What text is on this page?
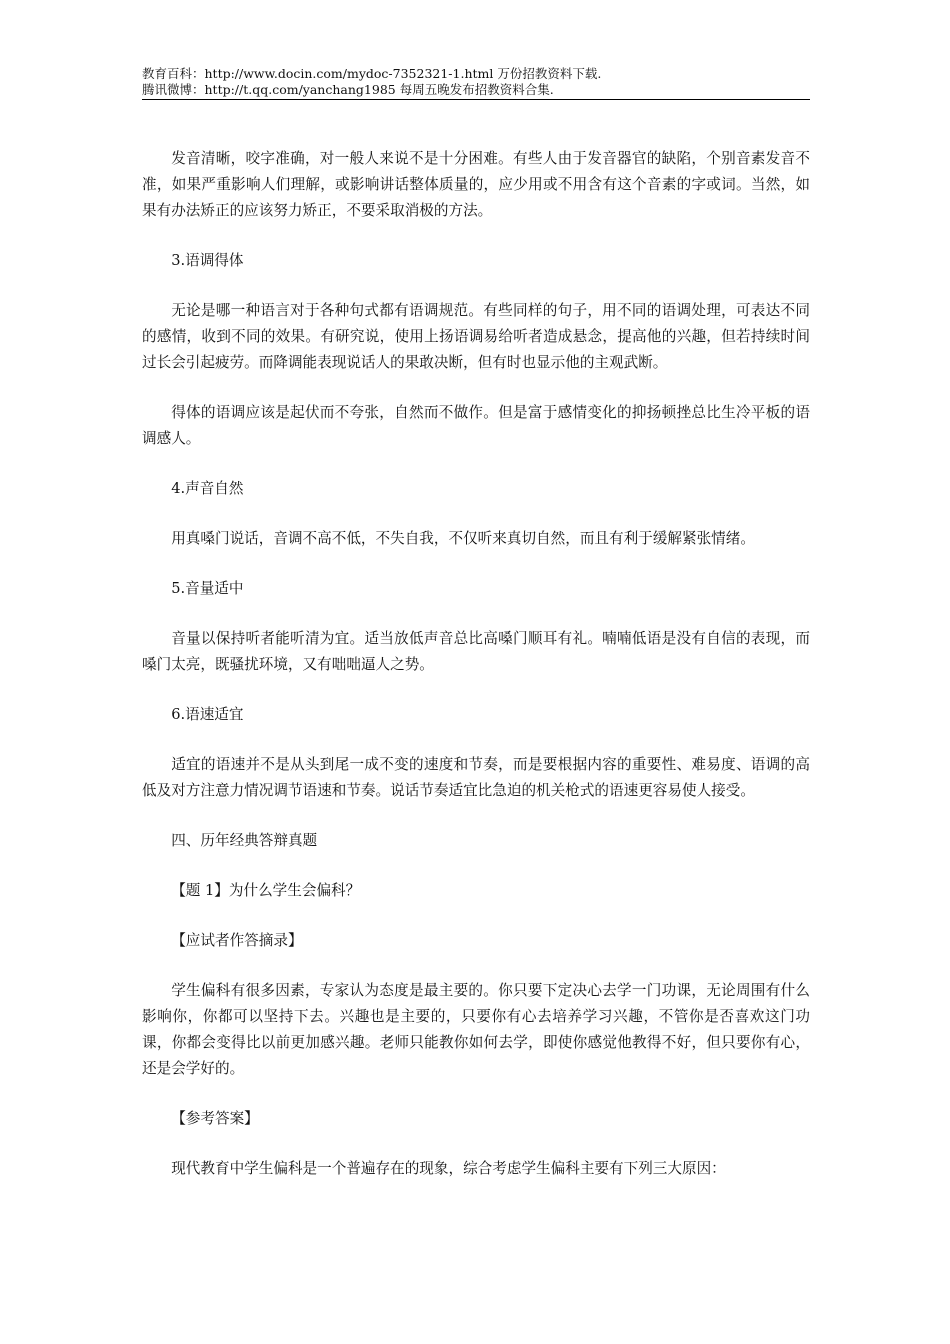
教育百科：http://www.docin.com/mydoc-7352321-1.html 万份招教资料下载.
腾讯微博：http://t.qq.com/yanchang1985 每周五晚发布招教资料合集.

发音清晰，咬字准确，对一般人来说不是十分困难。有些人由于发音器官的缺陷，个别音素发音不准，如果严重影响人们理解，或影响讲话整体质量的，应少用或不用含有这个音素的字或词。当然，如果有办法矫正的应该努力矫正，不要采取消极的方法。

3.语调得体

无论是哪一种语言对于各种句式都有语调规范。有些同样的句子，用不同的语调处理，可表达不同的感情，收到不同的效果。有研究说，使用上扬语调易给听者造成悬念，提高他的兴趣，但若持续时间过长会引起疲劳。而降调能表现说话人的果敢决断，但有时也显示他的主观武断。

得体的语调应该是起伏而不夸张，自然而不做作。但是富于感情变化的抑扬顿挫总比生冷平板的语调感人。

4.声音自然

用真嗓门说话，音调不高不低，不失自我，不仅听来真切自然，而且有利于缓解紧张情绪。

5.音量适中

音量以保持听者能听清为宜。适当放低声音总比高嗓门顺耳有礼。喃喃低语是没有自信的表现，而嗓门太亮，既骚扰环境，又有咄咄逼人之势。

6.语速适宜

适宜的语速并不是从头到尾一成不变的速度和节奏，而是要根据内容的重要性、难易度、语调的高低及对方注意力情况调节语速和节奏。说话节奏适宜比急迫的机关枪式的语速更容易使人接受。

四、历年经典答辩真题

【题 1】为什么学生会偏科？

【应试者作答摘录】

学生偏科有很多因素，专家认为态度是最主要的。你只要下定决心去学一门功课，无论周围有什么影响你，你都可以坚持下去。兴趣也是主要的，只要你有心去培养学习兴趣，不管你是否喜欢这门功课，你都会变得比以前更加感兴趣。老师只能教你如何去学，即使你感觉他教得不好，但只要你有心，还是会学好的。

【参考答案】

现代教育中学生偏科是一个普遍存在的现象，综合考虑学生偏科主要有下列三大原因：
